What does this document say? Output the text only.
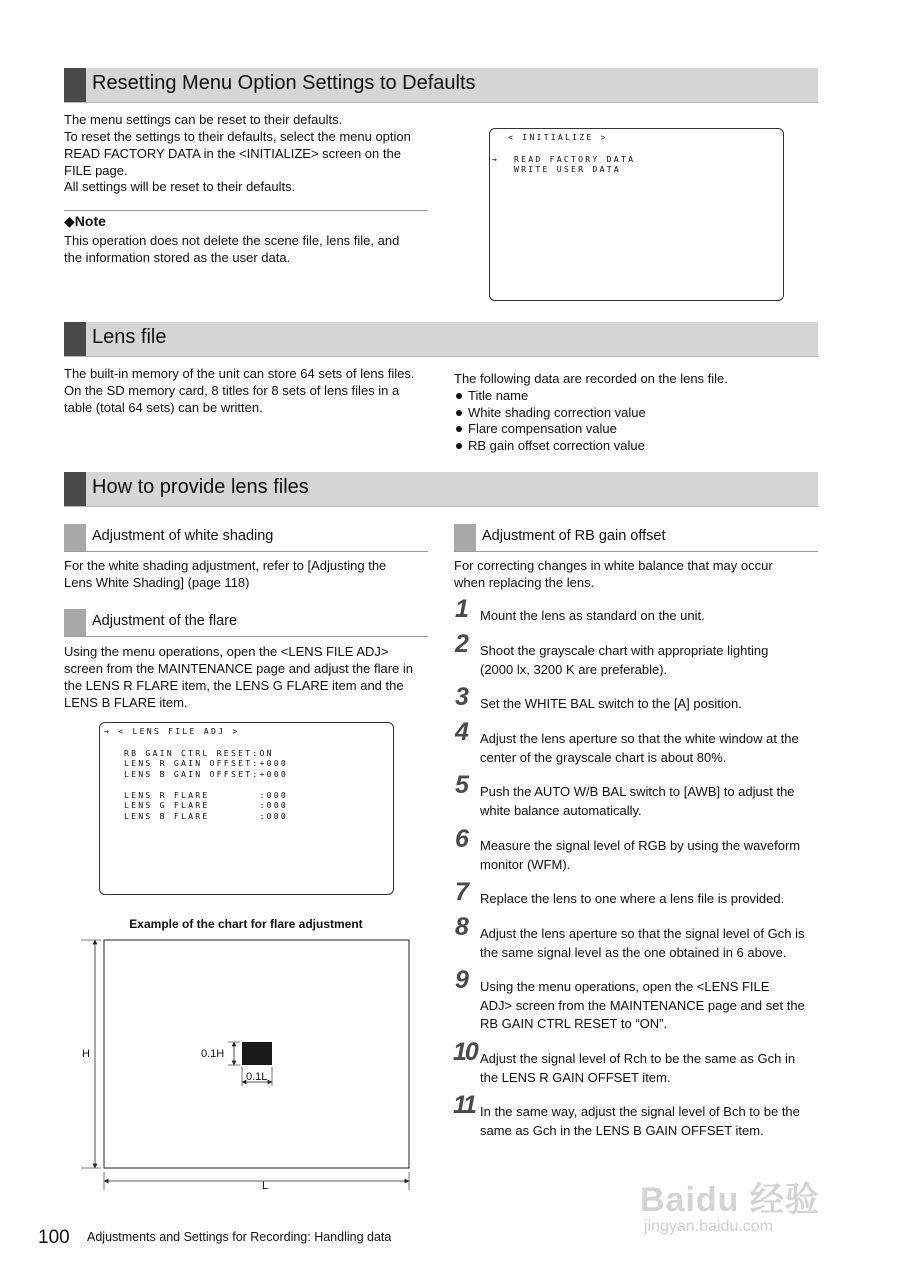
Resetting Menu Option Settings to Defaults
The menu settings can be reset to their defaults.
To reset the settings to their defaults, select the menu option
READ FACTORY DATA in the <INITIALIZE> screen on the
FILE page.
All settings will be reset to their defaults.
◆Note
This operation does not delete the scene file, lens file, and
the information stored as the user data.
< INITIALIZE >
→ READ FACTORY DATA
WRITE USER DATA
Lens file
The built-in memory of the unit can store 64 sets of lens files.
On the SD memory card, 8 titles for 8 sets of lens files in a
table (total 64 sets) can be written.
The following data are recorded on the lens file.
Title name
White shading correction value
Flare compensation value
RB gain offset correction value
How to provide lens files
Adjustment of white shading
For the white shading adjustment, refer to [Adjusting the
Lens White Shading] (page 118)
Adjustment of the flare
Using the menu operations, open the <LENS FILE ADJ>
screen from the MAINTENANCE page and adjust the flare in
the LENS R FLARE item, the LENS G FLARE item and the
LENS B FLARE item.
→ < LENS FILE ADJ >
RB GAIN CTRL RESET:ON
LENS R GAIN OFFSET:+000
LENS B GAIN OFFSET:+000
LENS R FLARE       :000
LENS G FLARE       :000
LENS B FLARE       :000
Example of the chart for flare adjustment
H
L
0.1H
0.1L
Adjustment of RB gain offset
For correcting changes in white balance that may occur
when replacing the lens.
1 Mount the lens as standard on the unit.
2 Shoot the grayscale chart with appropriate lighting
(2000 lx, 3200 K are preferable).
3 Set the WHITE BAL switch to the [A] position.
4 Adjust the lens aperture so that the white window at the
center of the grayscale chart is about 80%.
5 Push the AUTO W/B BAL switch to [AWB] to adjust the
white balance automatically.
6 Measure the signal level of RGB by using the waveform
monitor (WFM).
7 Replace the lens to one where a lens file is provided.
8 Adjust the lens aperture so that the signal level of Gch is
the same signal level as the one obtained in 6 above.
9 Using the menu operations, open the <LENS FILE
ADJ> screen from the MAINTENANCE page and set the
RB GAIN CTRL RESET to “ON”.
10 Adjust the signal level of Rch to be the same as Gch in
the LENS R GAIN OFFSET item.
11 In the same way, adjust the signal level of Bch to be the
same as Gch in the LENS B GAIN OFFSET item.
Baidu 经验
jingyan.baidu.com
100 Adjustments and Settings for Recording: Handling data
